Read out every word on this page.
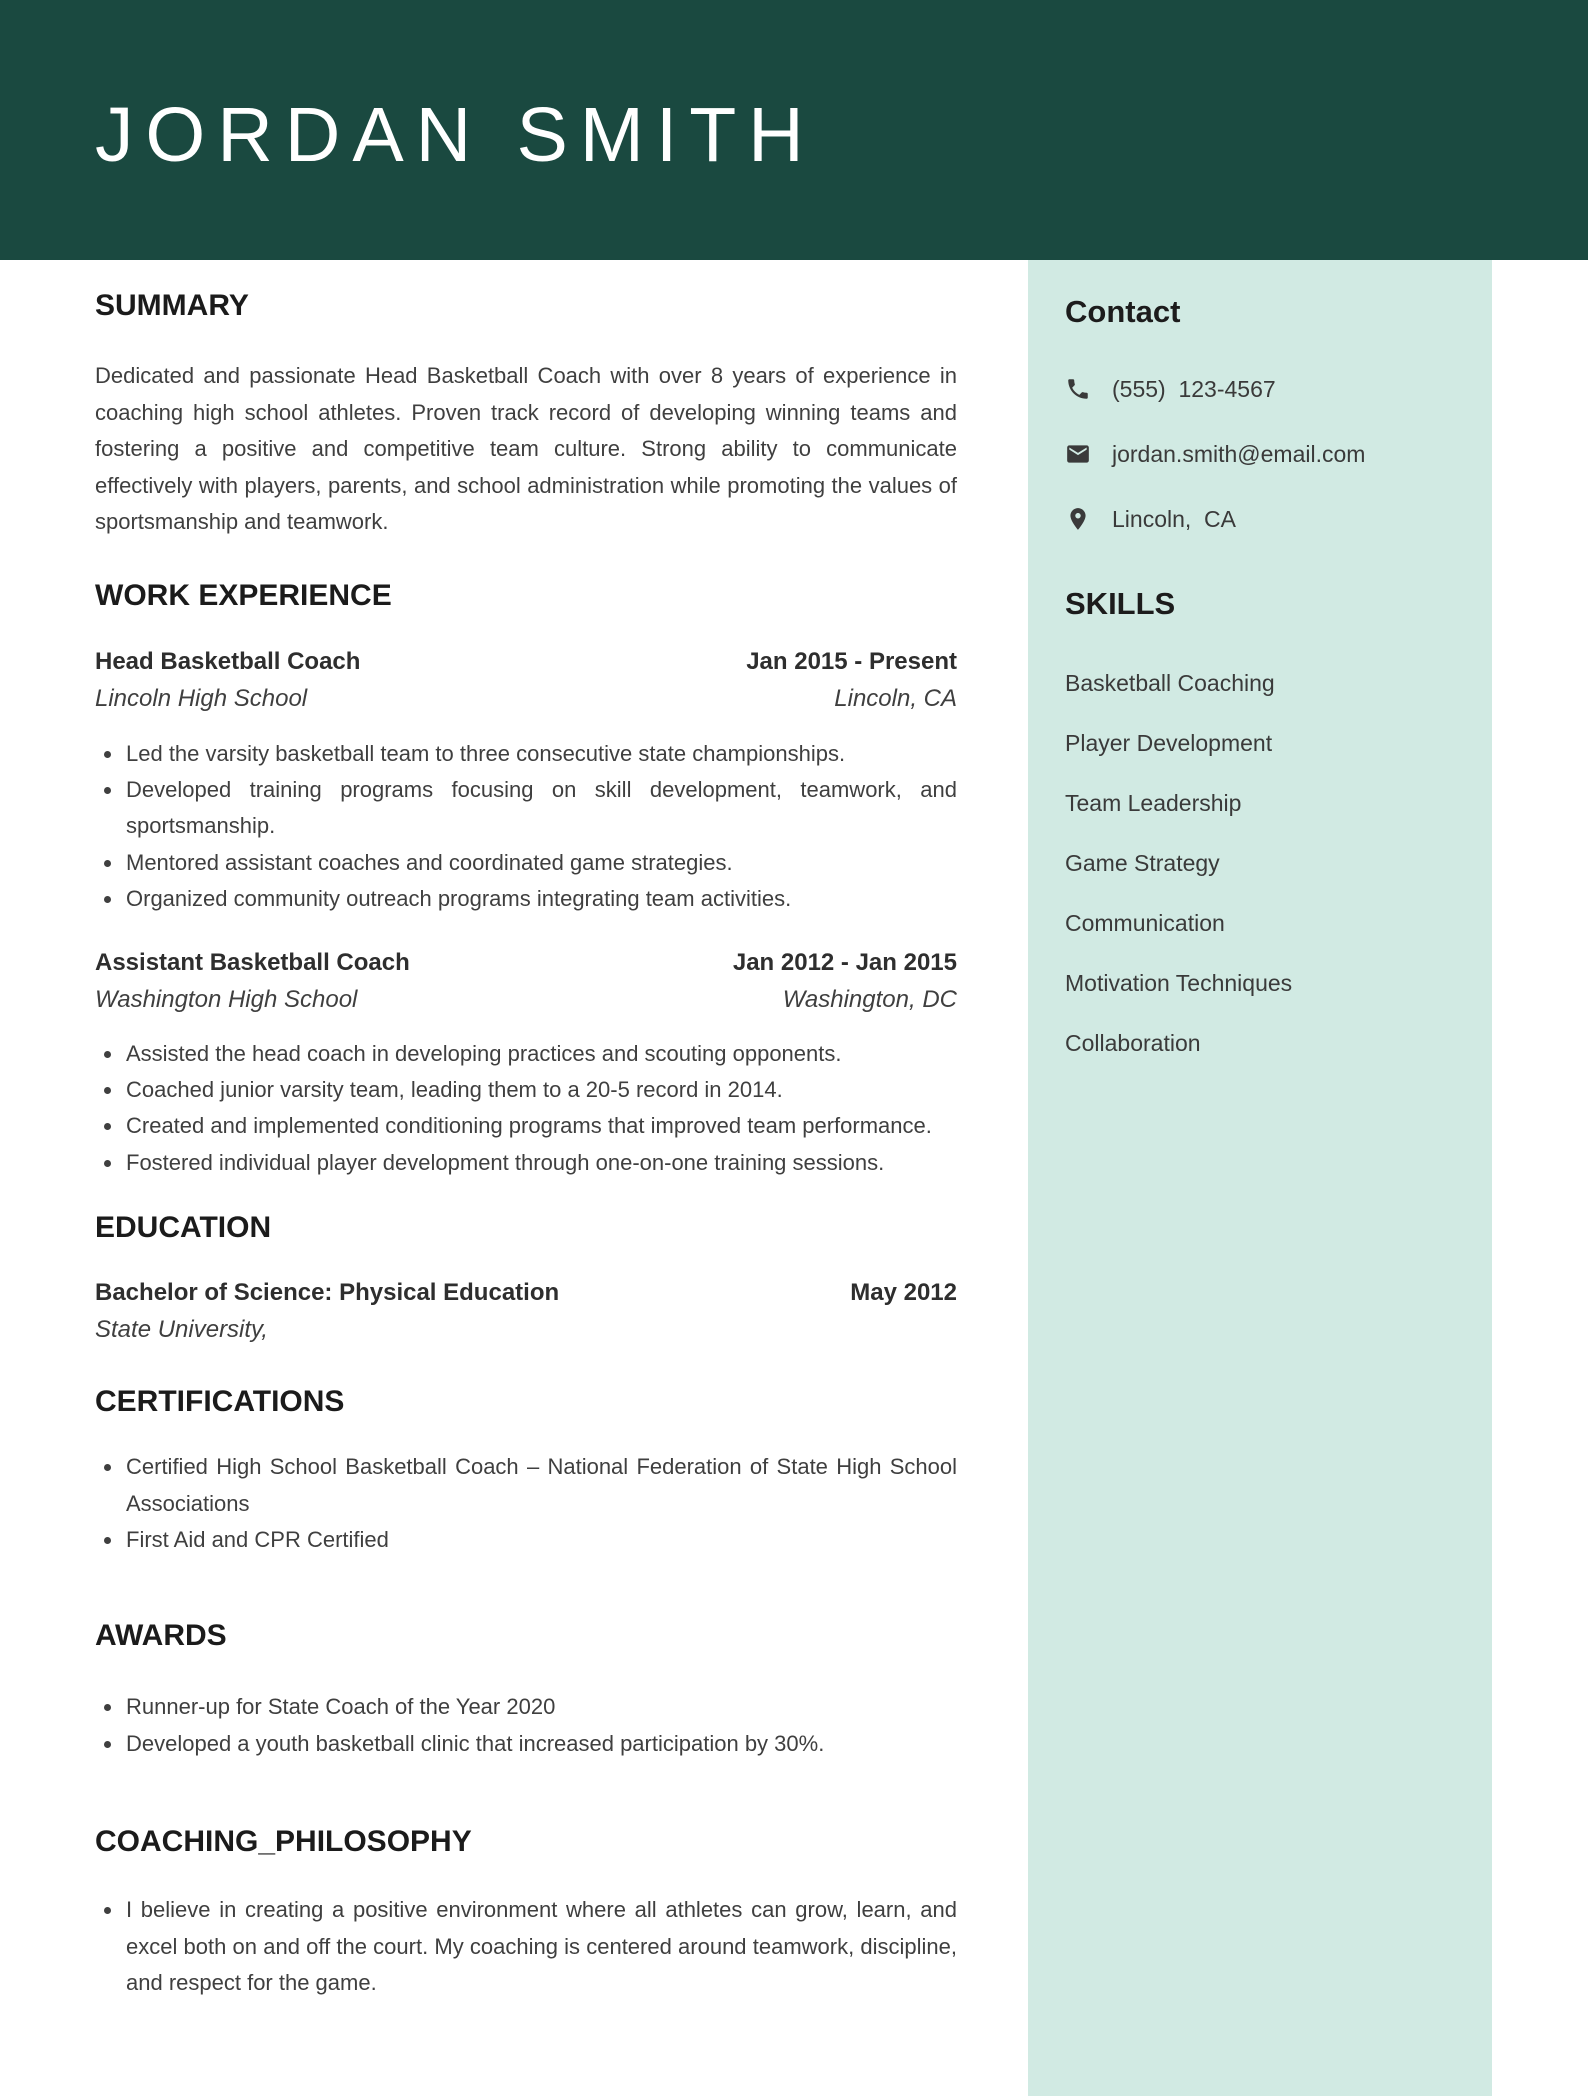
JORDAN SMITH
Contact
(555)  123-4567
jordan.smith@email.com
Lincoln,  CA
SKILLS
Basketball Coaching
Player Development
Team Leadership
Game Strategy
Communication
Motivation Techniques
Collaboration
SUMMARY

Dedicated and passionate Head Basketball Coach with over 8 years of experience in coaching high school athletes. Proven track record of developing winning teams and fostering a positive and competitive team culture. Strong ability to communicate effectively with players, parents, and school administration while promoting the values of sportsmanship and teamwork.

WORK EXPERIENCE
Head Basketball Coach	Jan 2015 - Present
Lincoln High School	Lincoln, CA
• Led the varsity basketball team to three consecutive state championships.
• Developed training programs focusing on skill development, teamwork, and sportsmanship.
• Mentored assistant coaches and coordinated game strategies.
• Organized community outreach programs integrating team activities.
Assistant Basketball Coach	Jan 2012 - Jan 2015
Washington High School	Washington, DC
• Assisted the head coach in developing practices and scouting opponents.
• Coached junior varsity team, leading them to a 20-5 record in 2014.
• Created and implemented conditioning programs that improved team performance.
• Fostered individual player development through one-on-one training sessions.
EDUCATION
Bachelor of Science: Physical Education	May 2012
State University,
CERTIFICATIONS
• Certified High School Basketball Coach – National Federation of State High School Associations
• First Aid and CPR Certified
AWARDS
• Runner-up for State Coach of the Year 2020
• Developed a youth basketball clinic that increased participation by 30%.
COACHING_PHILOSOPHY
• I believe in creating a positive environment where all athletes can grow, learn, and excel both on and off the court. My coaching is centered around teamwork, discipline, and respect for the game.
